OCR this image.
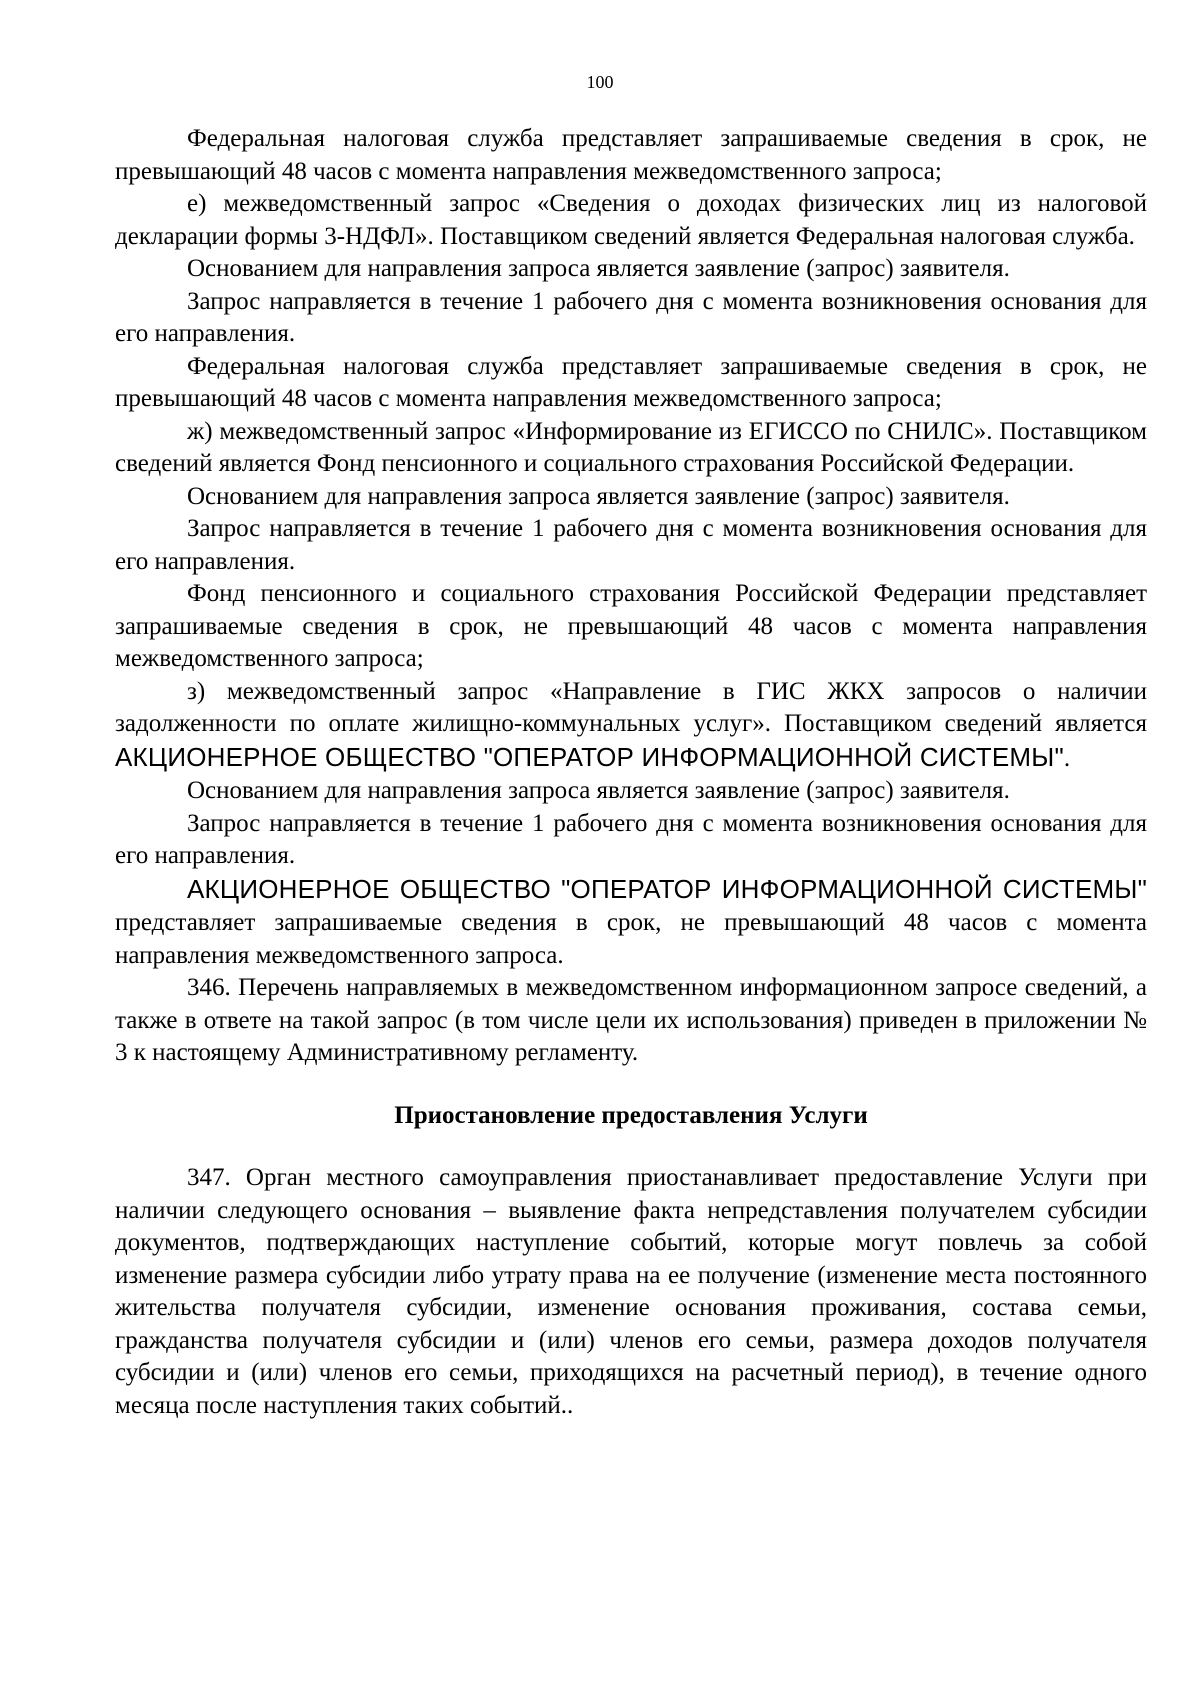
100

Федеральная налоговая служба представляет запрашиваемые сведения в срок, не превышающий 48 часов с момента направления межведомственного запроса;

е) межведомственный запрос «Сведения о доходах физических лиц из налоговой декларации формы 3-НДФЛ». Поставщиком сведений является Федеральная налоговая служба.

Основанием для направления запроса является заявление (запрос) заявителя.

Запрос направляется в течение 1 рабочего дня с момента возникновения основания для его направления.

Федеральная налоговая служба представляет запрашиваемые сведения в срок, не превышающий 48 часов с момента направления межведомственного запроса;

ж) межведомственный запрос «Информирование из ЕГИССО по СНИЛС». Поставщиком сведений является Фонд пенсионного и социального страхования Российской Федерации.

Основанием для направления запроса является заявление (запрос) заявителя.

Запрос направляется в течение 1 рабочего дня с момента возникновения основания для его направления.

Фонд пенсионного и социального страхования Российской Федерации представляет запрашиваемые сведения в срок, не превышающий 48 часов с момента направления межведомственного запроса;

з) межведомственный запрос «Направление в ГИС ЖКХ запросов о наличии задолженности по оплате жилищно-коммунальных услуг». Поставщиком сведений является АКЦИОНЕРНОЕ ОБЩЕСТВО "ОПЕРАТОР ИНФОРМАЦИОННОЙ СИСТЕМЫ".

Основанием для направления запроса является заявление (запрос) заявителя.

Запрос направляется в течение 1 рабочего дня с момента возникновения основания для его направления.

АКЦИОНЕРНОЕ ОБЩЕСТВО "ОПЕРАТОР ИНФОРМАЦИОННОЙ СИСТЕМЫ" представляет запрашиваемые сведения в срок, не превышающий 48 часов с момента направления межведомственного запроса.

346. Перечень направляемых в межведомственном информационном запросе сведений, а также в ответе на такой запрос (в том числе цели их использования) приведен в приложении № 3 к настоящему Административному регламенту.

Приостановление предоставления Услуги

347. Орган местного самоуправления приостанавливает предоставление Услуги при наличии следующего основания – выявление факта непредставления получателем субсидии документов, подтверждающих наступление событий, которые могут повлечь за собой изменение размера субсидии либо утрату права на ее получение (изменение места постоянного жительства получателя субсидии, изменение основания проживания, состава семьи, гражданства получателя субсидии и (или) членов его семьи, размера доходов получателя субсидии и (или) членов его семьи, приходящихся на расчетный период), в течение одного месяца после наступления таких событий..
